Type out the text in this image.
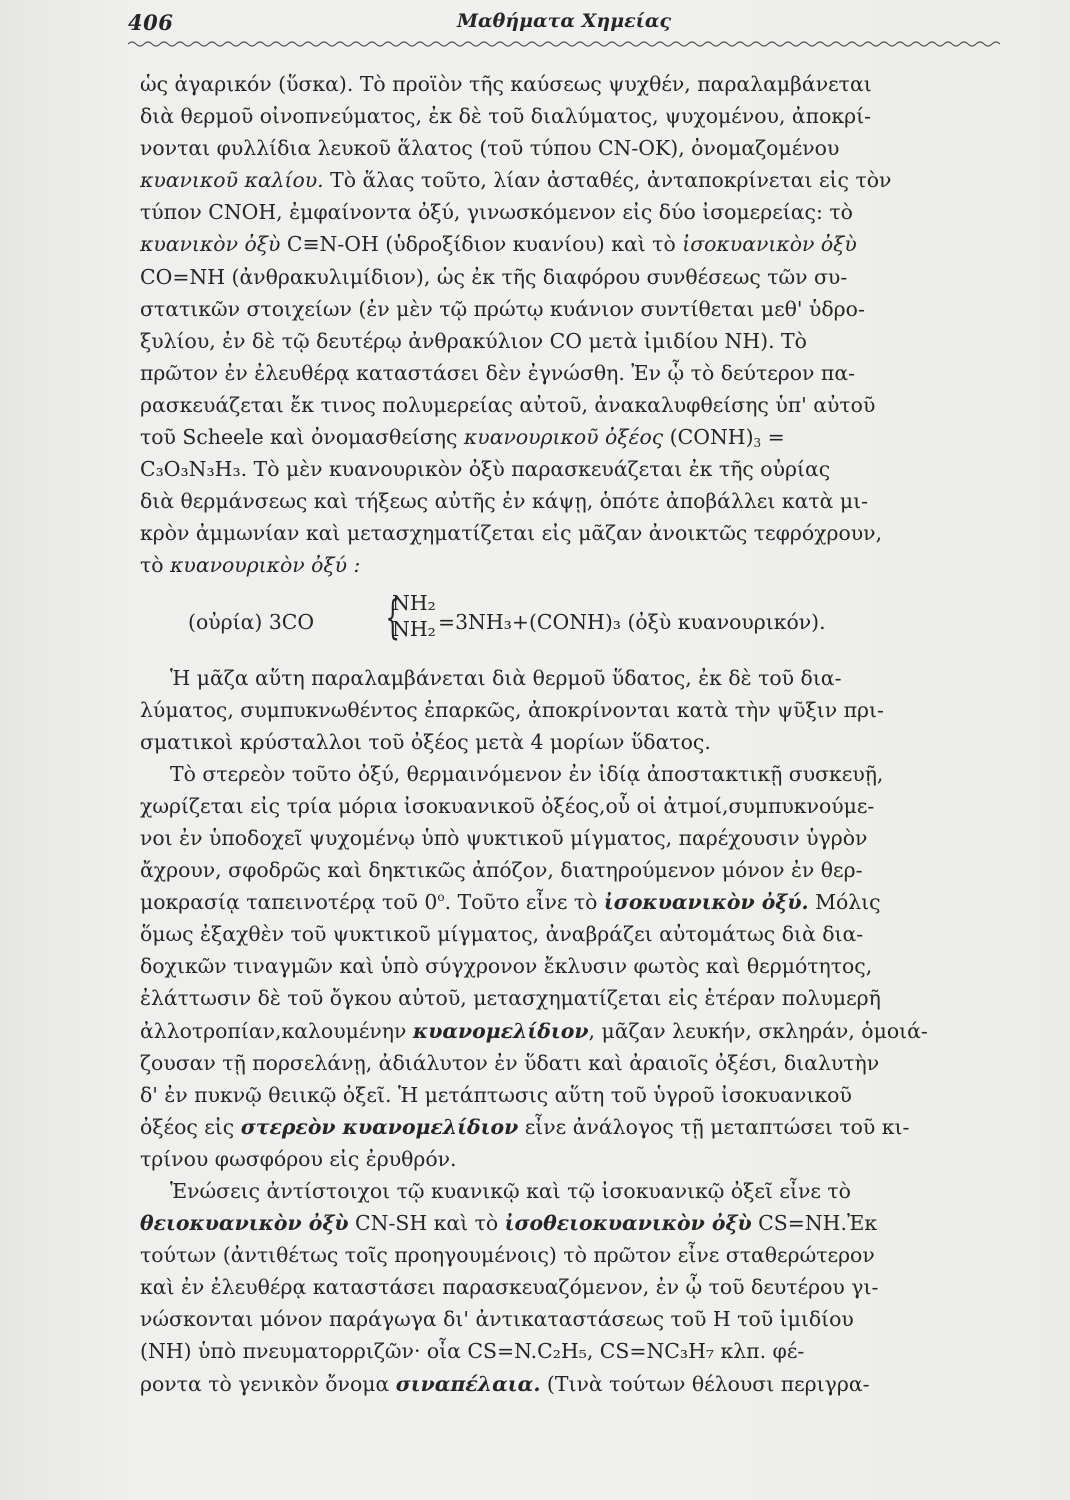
406	Μαθήματα Χημείας

ὡς ἀγαρικόν (ὕσκα). Τὸ προϊὸν τῆς καύσεως ψυχθέν, παραλαμβάνεται
διὰ θερμοῦ οἰνοπνεύματος, ἐκ δὲ τοῦ διαλύματος, ψυχομένου, ἀποκρί-
νονται φυλλίδια λευκοῦ ἅλατος (τοῦ τύπου CN-OK), ὀνομαζομένου
κυανικοῦ καλίου. Τὸ ἅλας τοῦτο, λίαν ἀσταθές, ἀνταποκρίνεται εἰς τὸν
τύπον CNOH, ἐμφαίνοντα ὀξύ, γινωσκόμενον εἰς δύο ἰσομερείας: τὸ
κυανικὸν ὀξὺ C≡N-OH (ὑδροξίδιον κυανίου) καὶ τὸ ἰσοκυανικὸν ὀξὺ
CO=NH (ἀνθρακυλιμίδιον), ὡς ἐκ τῆς διαφόρου συνθέσεως τῶν συ-
στατικῶν στοιχείων (ἐν μὲν τῷ πρώτῳ κυάνιον συντίθεται μεθ' ὑδρο-
ξυλίου, ἐν δὲ τῷ δευτέρῳ ἀνθρακύλιον CO μετὰ ἰμιδίου NH). Τὸ
πρῶτον ἐν ἐλευθέρᾳ καταστάσει δὲν ἐγνώσθη. Ἐν ᾧ τὸ δεύτερον πα-
ρασκευάζεται ἔκ τινος πολυμερείας αὐτοῦ, ἀνακαλυφθείσης ὑπ' αὐτοῦ
τοῦ Scheele καὶ ὀνομασθείσης κυανουρικοῦ ὀξέος $(CONH)_3$ =
C₃O₃N₃H₃. Τὸ μὲν κυανουρικὸν ὀξὺ παρασκευάζεται ἐκ τῆς οὐρίας
διὰ θερμάνσεως καὶ τήξεως αὐτῆς ἐν κάψῃ, ὁπότε ἀποβάλλει κατὰ μι-
κρὸν ἀμμωνίαν καὶ μετασχηματίζεται εἰς μᾶζαν ἀνοικτῶς τεφρόχρουν,
τὸ κυανουρικὸν ὀξύ :

(οὐρία) 3CO {
NH₂
NH₂ =3NH₃+(CONH)₃ (ὀξὺ κυανουρικόν).

Ἡ μᾶζα αὕτη παραλαμβάνεται διὰ θερμοῦ ὕδατος, ἐκ δὲ τοῦ δια-
λύματος, συμπυκνωθέντος ἐπαρκῶς, ἀποκρίνονται κατὰ τὴν ψῦξιν πρι-
σματικοὶ κρύσταλλοι τοῦ ὀξέος μετὰ 4 μορίων ὕδατος.

Τὸ στερεὸν τοῦτο ὀξύ, θερμαινόμενον ἐν ἰδίᾳ ἀποστακτικῇ συσκευῇ,
χωρίζεται εἰς τρία μόρια ἰσοκυανικοῦ ὀξέος,οὗ οἱ ἀτμοί,συμπυκνούμε-
νοι ἐν ὑποδοχεῖ ψυχομένῳ ὑπὸ ψυκτικοῦ μίγματος, παρέχουσιν ὑγρὸν
ἄχρουν, σφοδρῶς καὶ δηκτικῶς ἀπόζον, διατηρούμενον μόνον ἐν θερ-
μοκρασίᾳ ταπεινοτέρᾳ τοῦ $0^o$. Τοῦτο εἶνε τὸ ἰσοκυανικὸν ὀξύ. Μόλις
ὅμως ἐξαχθὲν τοῦ ψυκτικοῦ μίγματος, ἀναβράζει αὐτομάτως διὰ δια-
δοχικῶν τιναγμῶν καὶ ὑπὸ σύγχρονον ἔκλυσιν φωτὸς καὶ θερμότητος,
ἐλάττωσιν δὲ τοῦ ὄγκου αὐτοῦ, μετασχηματίζεται εἰς ἑτέραν πολυμερῆ
ἀλλοτροπίαν,καλουμένην κυανομελίδιον, μᾶζαν λευκήν, σκληράν, ὁμοιά-
ζουσαν τῇ πορσελάνῃ, ἀδιάλυτον ἐν ὕδατι καὶ ἀραιοῖς ὀξέσι, διαλυτὴν
δ' ἐν πυκνῷ θειικῷ ὀξεῖ. Ἡ μετάπτωσις αὕτη τοῦ ὑγροῦ ἰσοκυανικοῦ
ὀξέος εἰς στερεὸν κυανομελίδιον εἶνε ἀνάλογος τῇ μεταπτώσει τοῦ κι-
τρίνου φωσφόρου εἰς ἐρυθρόν.

Ἑνώσεις ἀντίστοιχοι τῷ κυανικῷ καὶ τῷ ἰσοκυανικῷ ὀξεῖ εἶνε τὸ
θειοκυανικὸν ὀξὺ CN-SH καὶ τὸ ἰσοθειοκυανικὸν ὀξὺ CS=NH.Ἐκ
τούτων (ἀντιθέτως τοῖς προηγουμένοις) τὸ πρῶτον εἶνε σταθερώτερον
καὶ ἐν ἐλευθέρᾳ καταστάσει παρασκευαζόμενον, ἐν ᾧ τοῦ δευτέρου γι-
νώσκονται μόνον παράγωγα δι' ἀντικαταστάσεως τοῦ Η τοῦ ἰμιδίου
(NH) ὑπὸ πνευματορριζῶν· οἷα CS=N.C₂H₅, CS=NC₃H₇ κλπ. φέ-
ροντα τὸ γενικὸν ὄνομα σιναπέλαια. (Τινὰ τούτων θέλουσι περιγρα-
